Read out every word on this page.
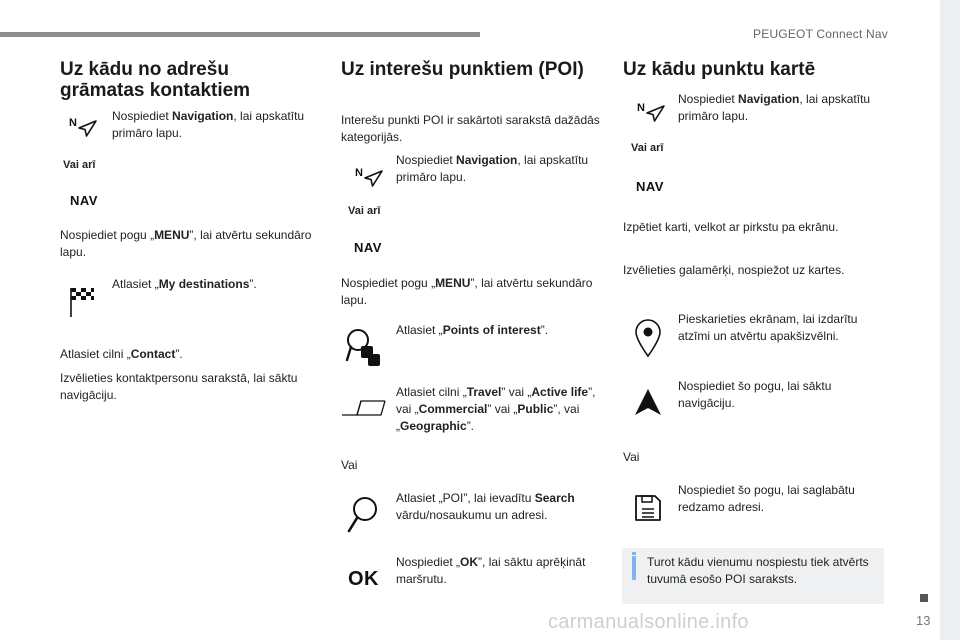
PEUGEOT Connect Nav
Uz kādu no adrešu
grāmatas kontaktiem
N	Nospiediet Navigation, lai apskatītu primāro lapu.
Vai arī
NAV
Nospiediet pogu „MENU”, lai atvērtu sekundāro lapu.
Atlasiet „My destinations”.
Atlasiet cilni „Contact”.
Izvēlieties kontaktpersonu sarakstā, lai sāktu navigāciju.
Uz interešu punktiem (POI)
Interešu punkti POI ir sakārtoti sarakstā dažādās kategorijās.
N
Nospiediet Navigation, lai apskatītu primāro lapu.
Vai arī
NAV
Nospiediet pogu „MENU”, lai atvērtu sekundāro lapu.
Atlasiet „Points of interest”.
Atlasiet cilni „Travel” vai „Active life”, vai „Commercial” vai „Public”, vai „Geographic”.
Vai
Atlasiet „POI”, lai ievadītu Search vārdu/nosaukumu un adresi.
OK
Nospiediet „OK”, lai sāktu aprēķināt maršrutu.
Uz kādu punktu kartē
N
Nospiediet Navigation, lai apskatītu primāro lapu.
Vai arī
NAV
Izpētiet karti, velkot ar pirkstu pa ekrānu.
Izvēlieties galamērķi, nospiežot uz kartes.
Pieskarieties ekrānam, lai izdarītu atzīmi un atvērtu apakšizvēlni.
Nospiediet šo pogu, lai sāktu navigāciju.
Vai
Nospiediet šo pogu, lai saglabātu redzamo adresi.
Turot kādu vienumu nospiestu tiek atvērts tuvumā esošo POI saraksts.
carmanualsonline.info	13
